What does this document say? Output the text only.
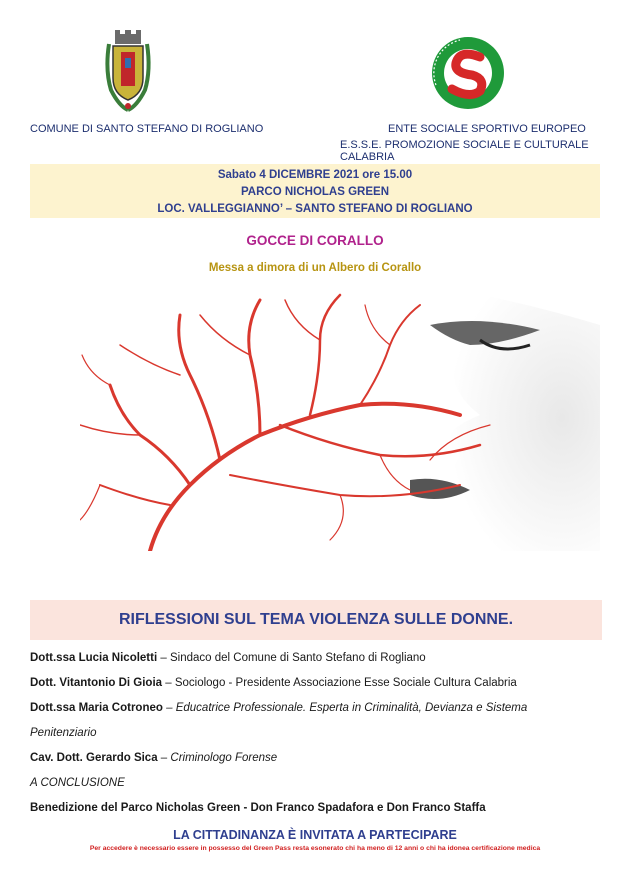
COMUNE DI SANTO STEFANO DI ROGLIANO	ENTE SOCIALE SPORTIVO EUROPEO
E.S.S.E. PROMOZIONE SOCIALE E CULTURALE CALABRIA
Sabato 4 DICEMBRE 2021 ore 15.00
PARCO NICHOLAS GREEN
LOC. VALLEGGIANNO’ – SANTO STEFANO DI ROGLIANO
GOCCE DI CORALLO
Messa a dimora di un Albero di Corallo
RIFLESSIONI SUL TEMA VIOLENZA SULLE DONNE.
Dott.ssa Lucia Nicoletti – Sindaco del Comune di Santo Stefano di Rogliano
Dott. Vitantonio Di Gioia – Sociologo - Presidente Associazione Esse Sociale Cultura Calabria
Dott.ssa Maria Cotroneo – Educatrice Professionale. Esperta in Criminalità, Devianza e Sistema
Penitenziario
Cav. Dott. Gerardo Sica – Criminologo Forense
A CONCLUSIONE
Benedizione del Parco Nicholas Green - Don Franco Spadafora e Don Franco Staffa
LA CITTADINANZA È INVITATA A PARTECIPARE
Per accedere è necessario essere in possesso del Green Pass resta esonerato chi ha meno di 12 anni o chi ha idonea certificazione medica
